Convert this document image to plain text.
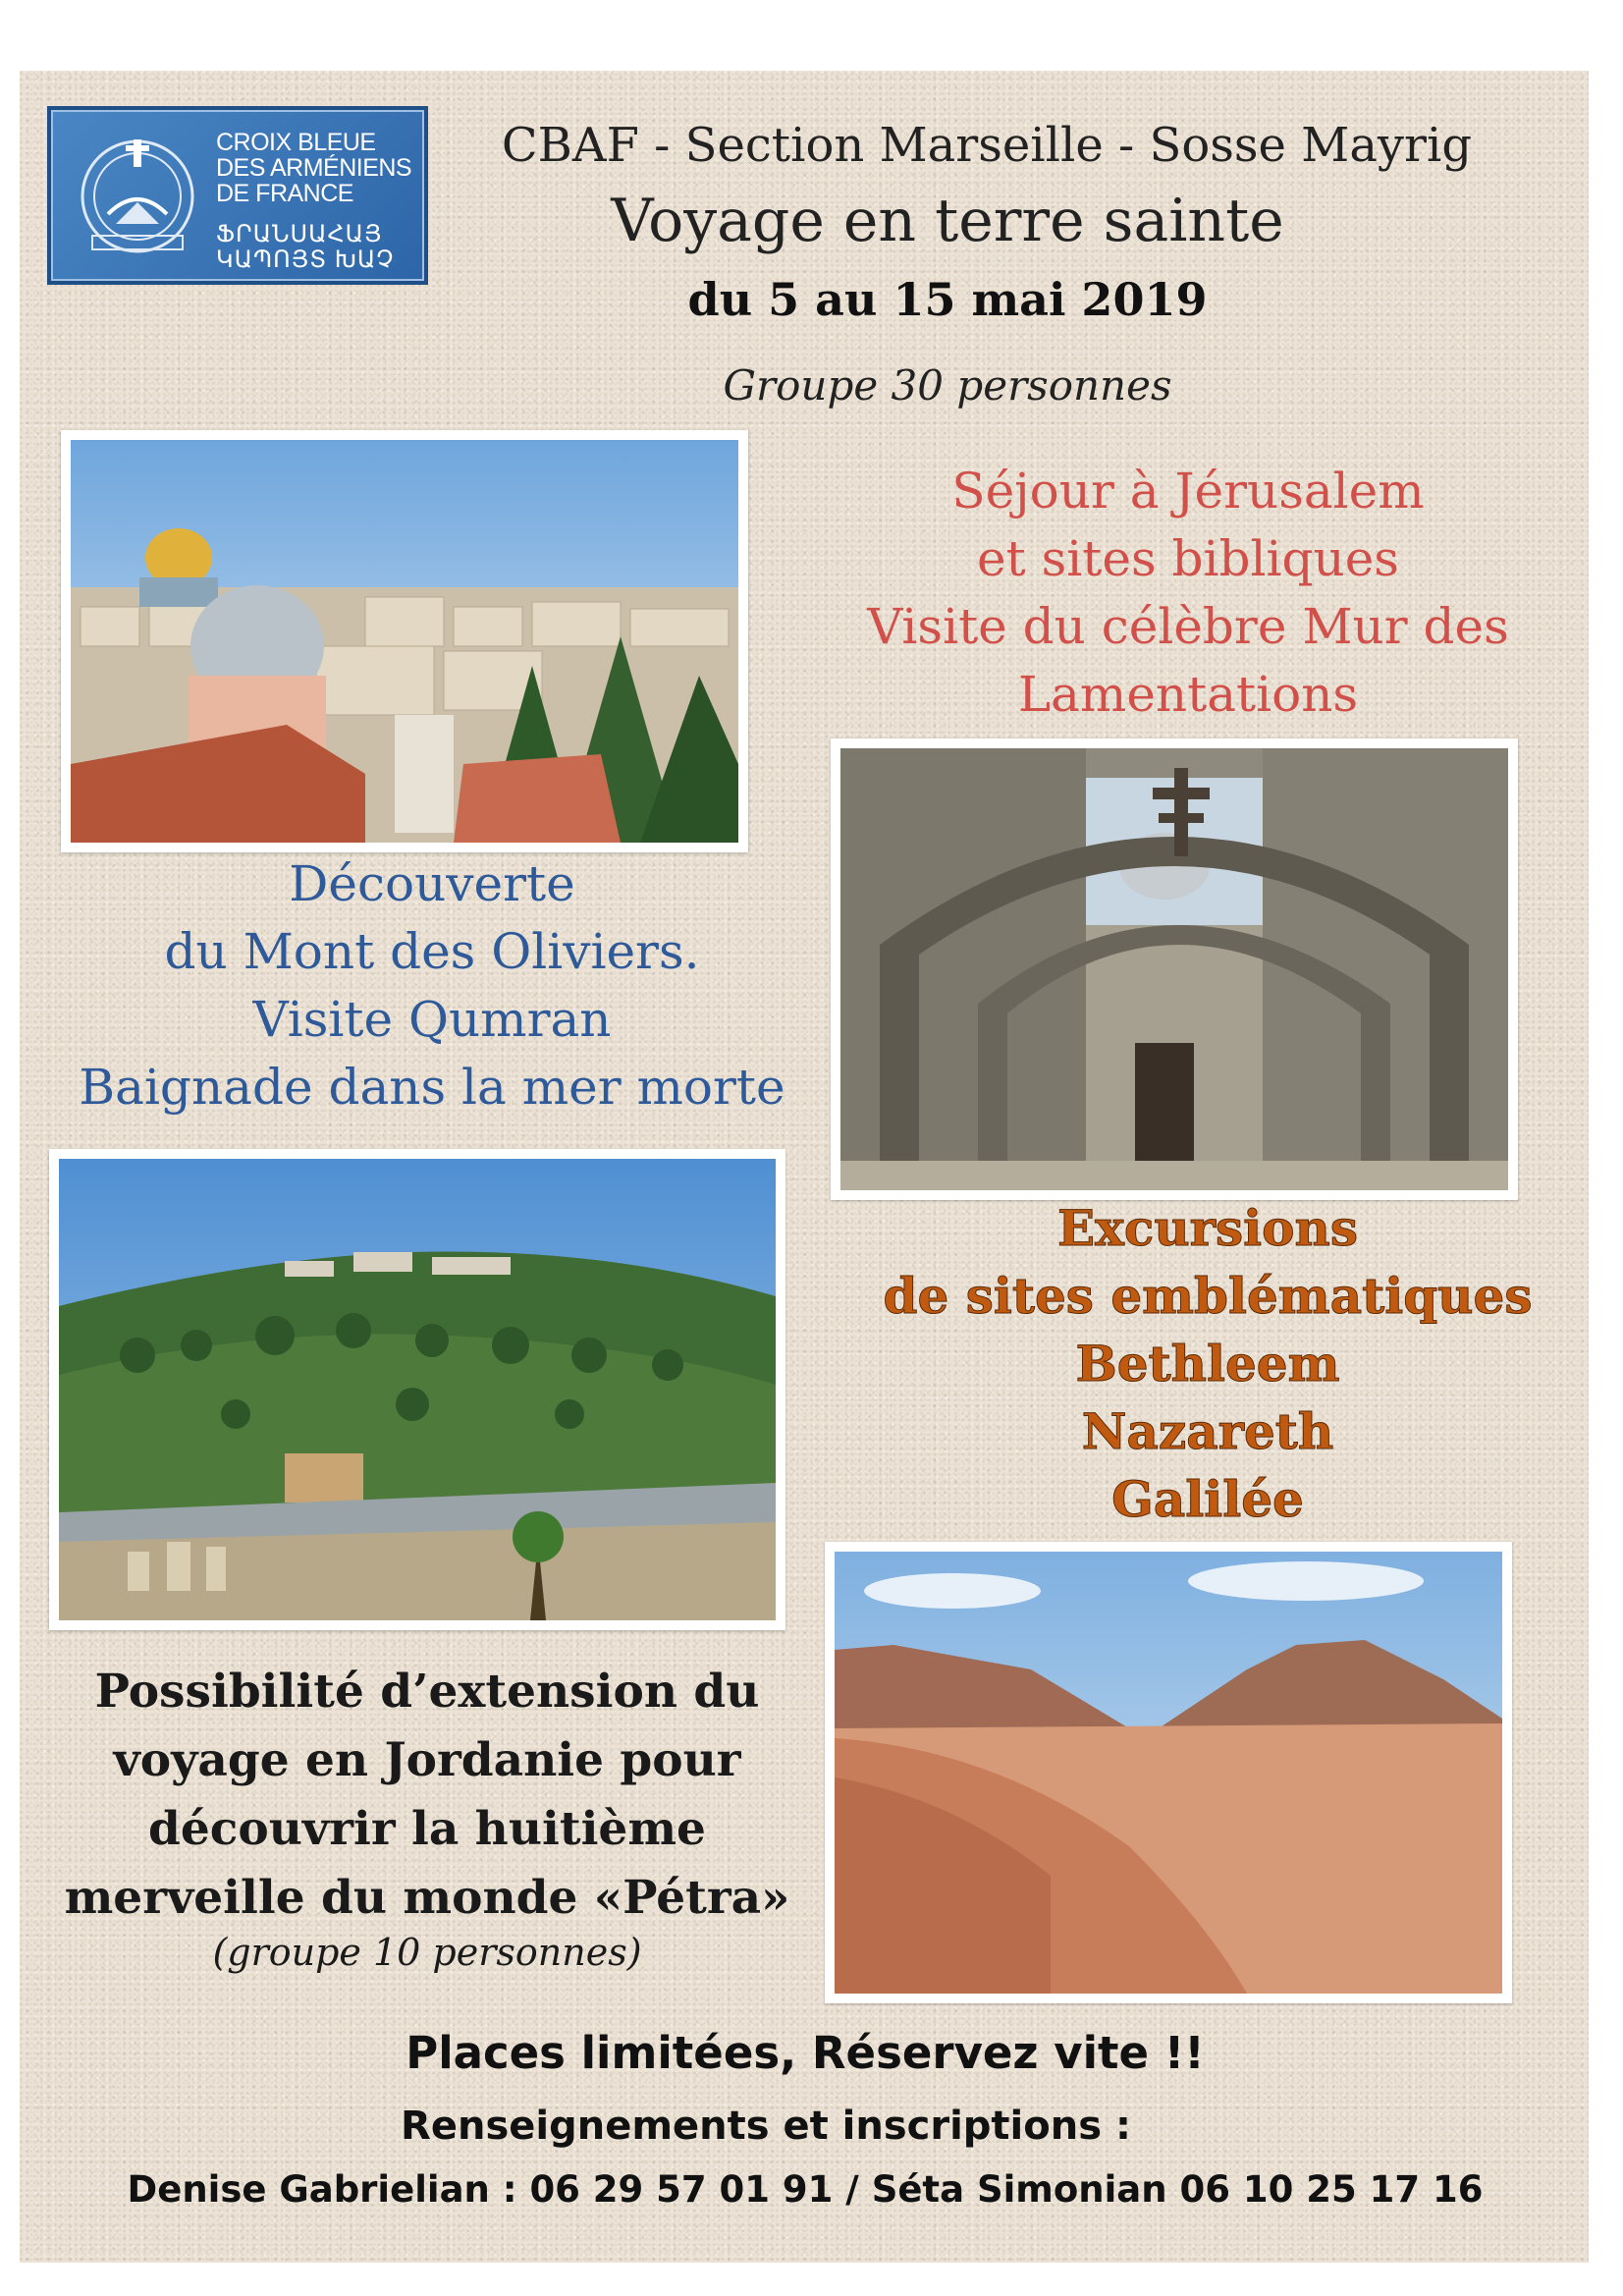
CROIX BLEUE
DES ARMÉNIENS
DE FRANCE
ՖՐԱՆՍԱՀԱՅ
ԿԱՊՈՅՏ ԽԱՉ
CBAF - Section Marseille - Sosse Mayrig
Voyage en terre sainte
du 5 au 15 mai 2019
Groupe 30 personnes
Séjour à Jérusalem
et sites bibliques
Visite du célèbre Mur des
Lamentations
Découverte
du Mont des Oliviers.
Visite Qumran
Baignade dans la mer morte
Excursions
de sites emblématiques
Bethleem
Nazareth
Galilée
Possibilité d’extension du
voyage en Jordanie pour
découvrir la huitième
merveille du monde «Pétra»
(groupe 10 personnes)
Places limitées, Réservez vite !!
Renseignements et inscriptions :
Denise Gabrielian : 06 29 57 01 91 / Séta Simonian 06 10 25 17 16
